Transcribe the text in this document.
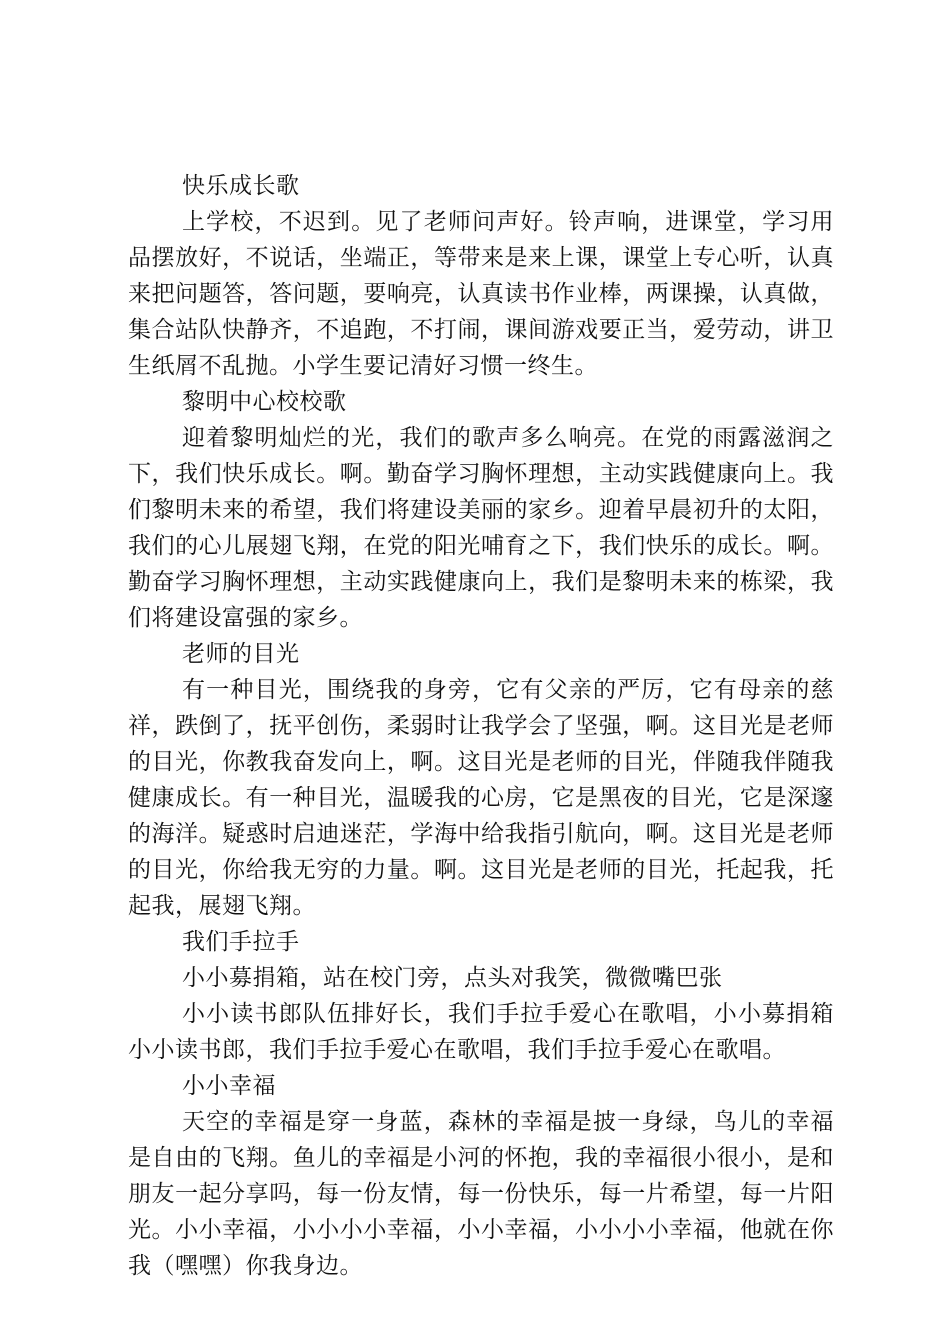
快乐成长歌

上学校，不迟到。见了老师问声好。铃声响，进课堂，学习用品摆放好，不说话，坐端正，等带来是来上课，课堂上专心听，认真来把问题答，答问题，要响亮，认真读书作业棒，两课操，认真做，集合站队快静齐，不追跑，不打闹，课间游戏要正当，爱劳动，讲卫生纸屑不乱抛。小学生要记清好习惯一终生。

黎明中心校校歌

迎着黎明灿烂的光，我们的歌声多么响亮。在党的雨露滋润之下，我们快乐成长。啊。勤奋学习胸怀理想，主动实践健康向上。我们黎明未来的希望，我们将建设美丽的家乡。迎着早晨初升的太阳，我们的心儿展翅飞翔，在党的阳光哺育之下，我们快乐的成长。啊。勤奋学习胸怀理想，主动实践健康向上，我们是黎明未来的栋梁，我们将建设富强的家乡。

老师的目光

有一种目光，围绕我的身旁，它有父亲的严厉，它有母亲的慈祥，跌倒了，抚平创伤，柔弱时让我学会了坚强，啊。这目光是老师的目光，你教我奋发向上，啊。这目光是老师的目光，伴随我伴随我健康成长。有一种目光，温暖我的心房，它是黑夜的目光，它是深邃的海洋。疑惑时启迪迷茫，学海中给我指引航向，啊。这目光是老师的目光，你给我无穷的力量。啊。这目光是老师的目光，托起我，托起我，展翅飞翔。

我们手拉手

小小募捐箱，站在校门旁，点头对我笑，微微嘴巴张

小小读书郎队伍排好长，我们手拉手爱心在歌唱，小小募捐箱小小读书郎，我们手拉手爱心在歌唱，我们手拉手爱心在歌唱。

小小幸福

天空的幸福是穿一身蓝，森林的幸福是披一身绿，鸟儿的幸福是自由的飞翔。鱼儿的幸福是小河的怀抱，我的幸福很小很小，是和朋友一起分享吗，每一份友情，每一份快乐，每一片希望，每一片阳光。小小幸福，小小小小幸福，小小幸福，小小小小幸福，他就在你我（嘿嘿）你我身边。
